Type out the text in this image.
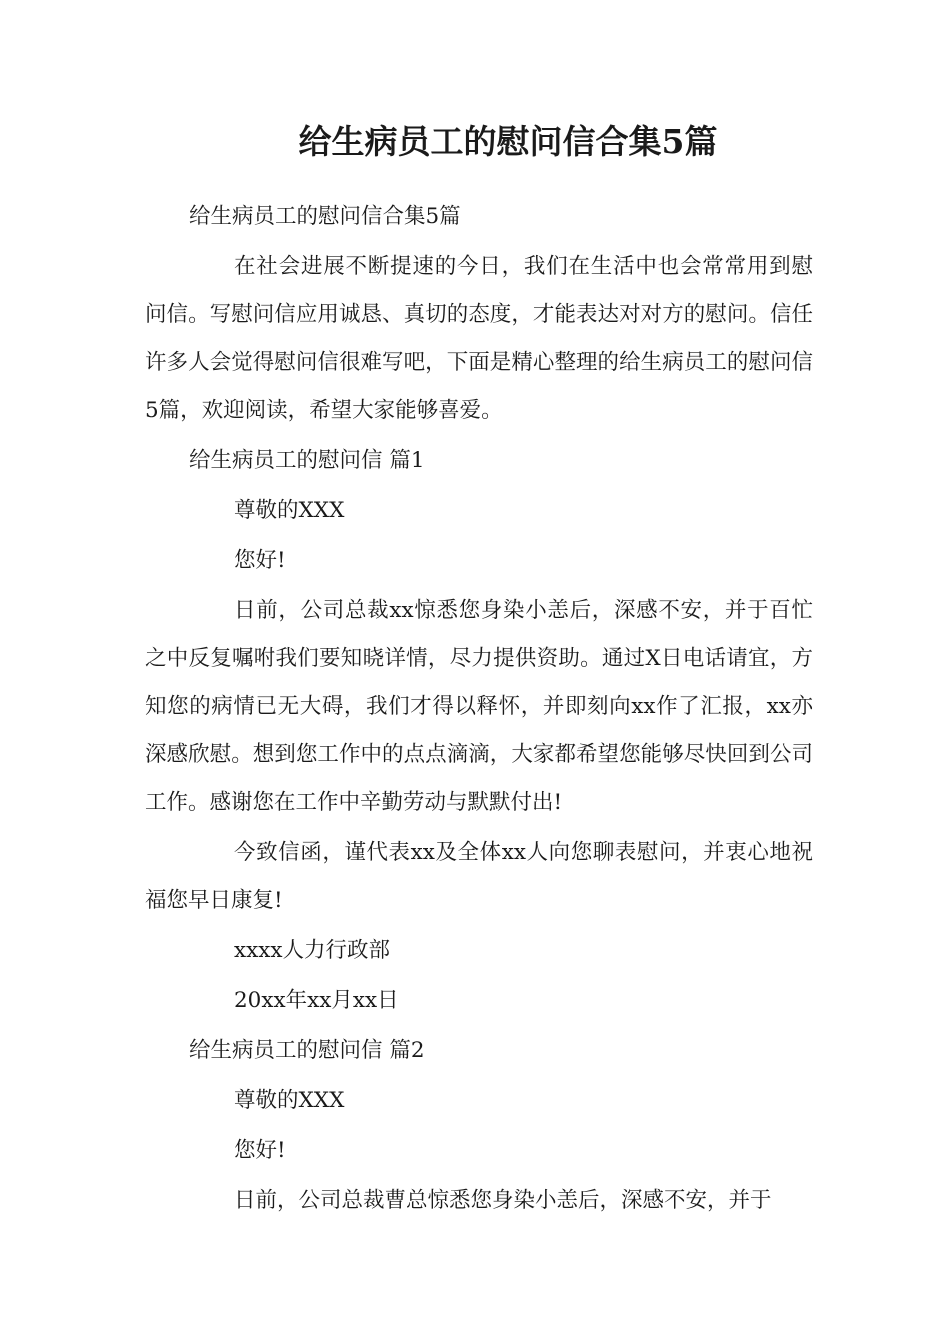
给生病员工的慰问信合集5篇

给生病员工的慰问信合集5篇

在社会进展不断提速的今日，我们在生活中也会常常用到慰问信。写慰问信应用诚恳、真切的态度，才能表达对对方的慰问。信任许多人会觉得慰问信很难写吧，下面是精心整理的给生病员工的慰问信5篇，欢迎阅读，希望大家能够喜爱。

给生病员工的慰问信 篇1

尊敬的XXX

您好!

日前，公司总裁xx惊悉您身染小恙后，深感不安，并于百忙之中反复嘱咐我们要知晓详情，尽力提供资助。通过X日电话请宜，方知您的病情已无大碍，我们才得以释怀，并即刻向xx作了汇报，xx亦深感欣慰。想到您工作中的点点滴滴，大家都希望您能够尽快回到公司工作。感谢您在工作中辛勤劳动与默默付出!

今致信函，谨代表xx及全体xx人向您聊表慰问，并衷心地祝福您早日康复!

xxxx人力行政部

20xx年xx月xx日

给生病员工的慰问信 篇2

尊敬的XXX

您好!

日前，公司总裁曹总惊悉您身染小恙后，深感不安，并于
